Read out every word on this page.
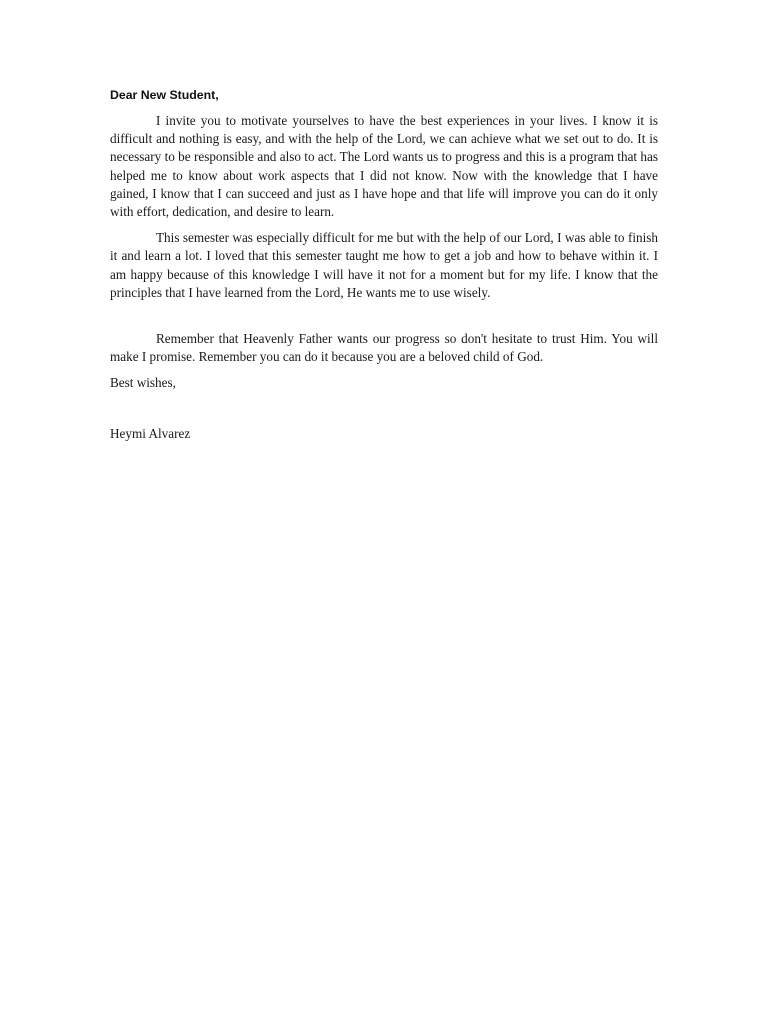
Dear New Student,

I invite you to motivate yourselves to have the best experiences in your lives. I know it is difficult and nothing is easy, and with the help of the Lord, we can achieve what we set out to do. It is necessary to be responsible and also to act. The Lord wants us to progress and this is a program that has helped me to know about work aspects that I did not know. Now with the knowledge that I have gained, I know that I can succeed and just as I have hope and that life will improve you can do it only with effort, dedication, and desire to learn.

This semester was especially difficult for me but with the help of our Lord, I was able to finish it and learn a lot. I loved that this semester taught me how to get a job and how to behave within it. I am happy because of this knowledge I will have it not for a moment but for my life. I know that the principles that I have learned from the Lord, He wants me to use wisely.

Remember that Heavenly Father wants our progress so don't hesitate to trust Him. You will make I promise. Remember you can do it because you are a beloved child of God.

Best wishes,

Heymi Alvarez
